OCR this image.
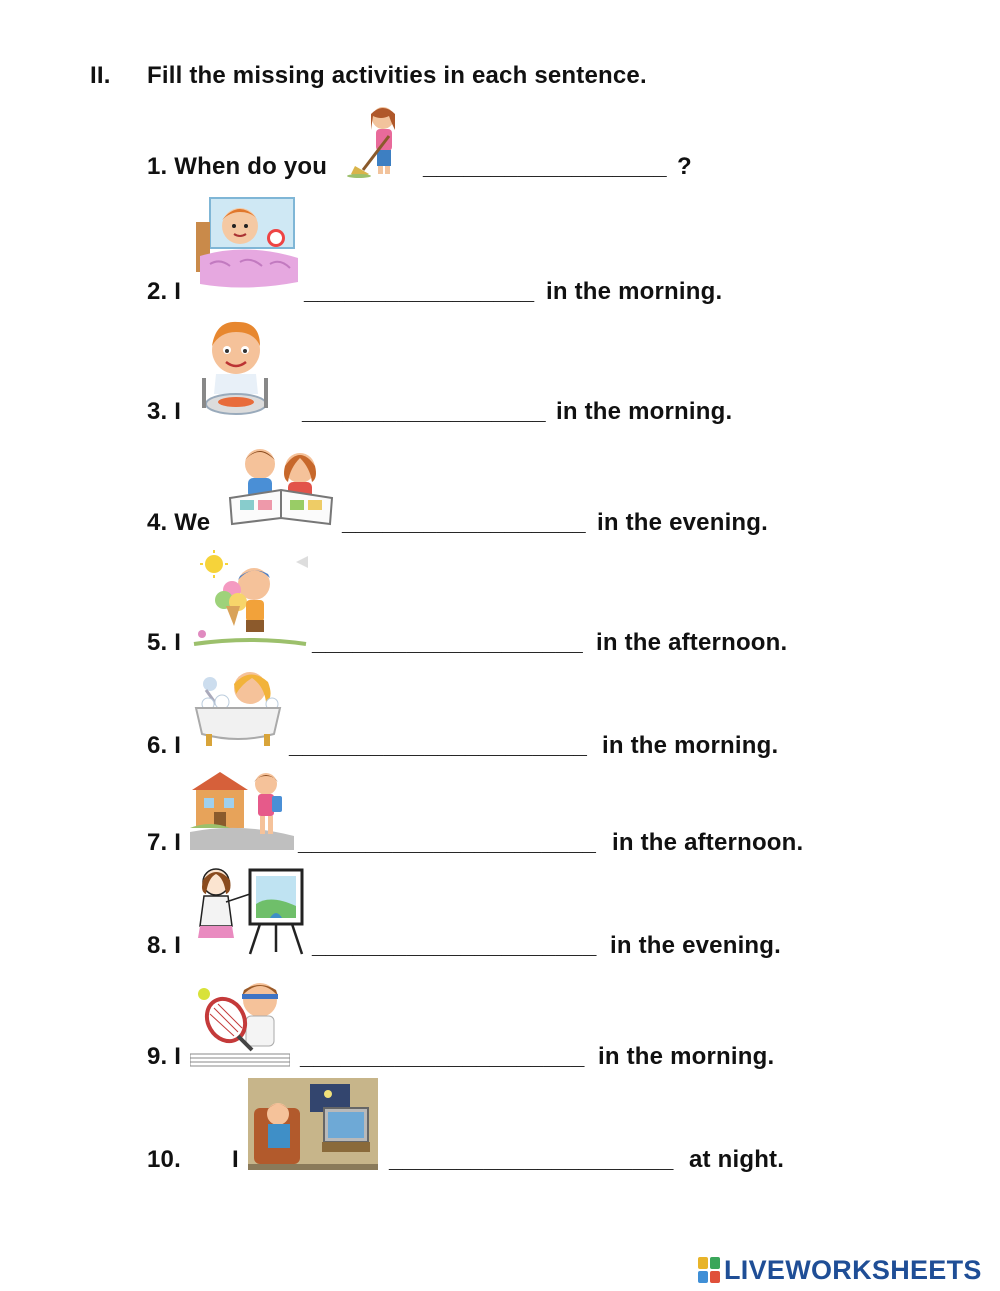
II. Fill the missing activities in each sentence.
1. When do you	__________________ ?
2. I	_________________ in the morning.
3. I	__________________ in the morning.
4. We	__________________ in the evening.
5. I	____________________ in the afternoon.
6. I	______________________ in the morning.
7. I	______________________ in the afternoon.
8. I	_____________________ in the evening.
9. I	_____________________ in the morning.
10. I	_____________________ at night.
LIVEWORKSHEETS
